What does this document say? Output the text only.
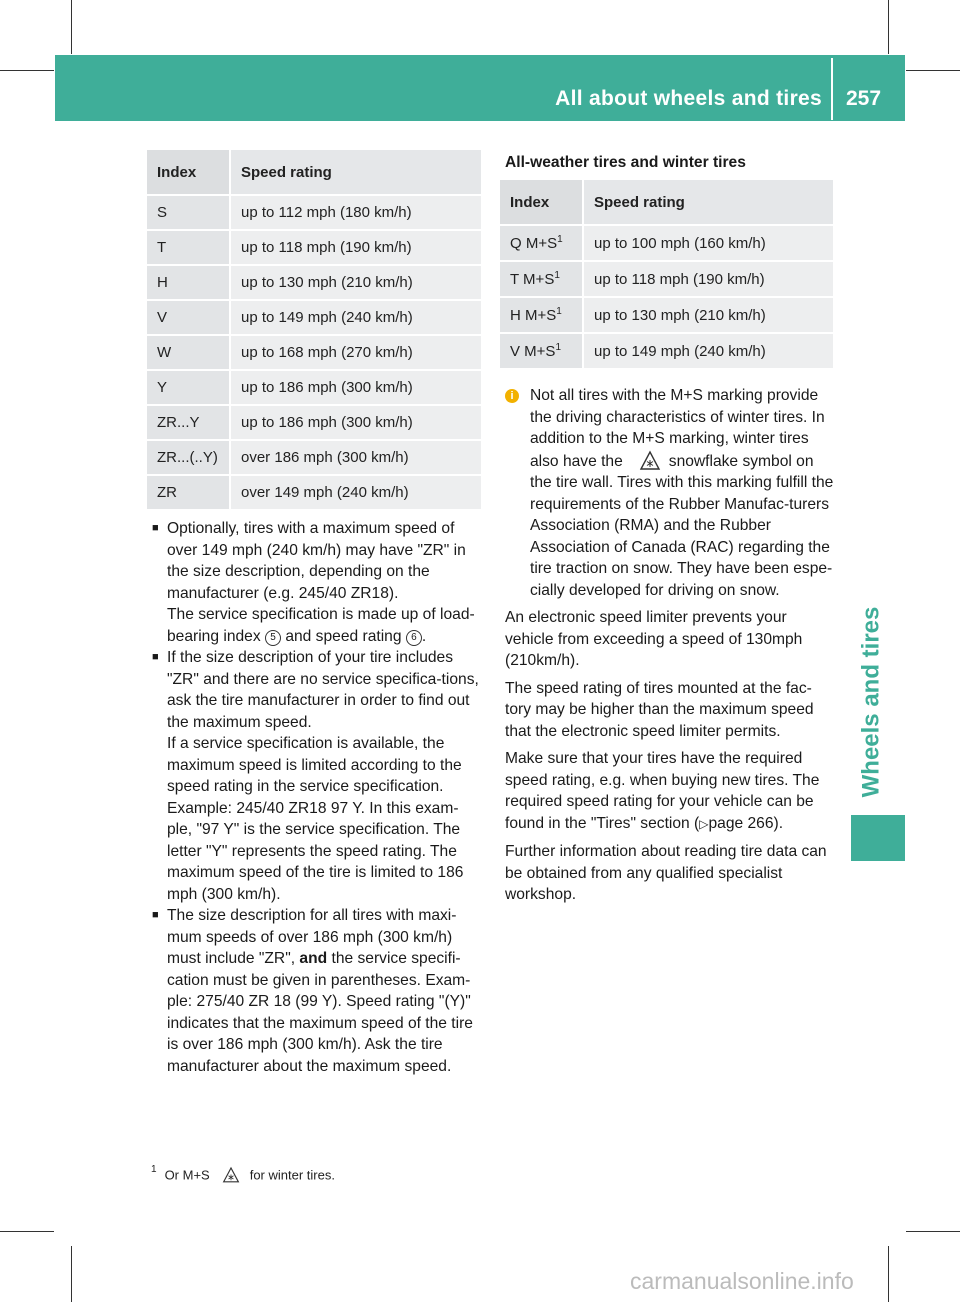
All about wheels and tires 257
Wheels and tires
Index	Speed rating
S	up to 112 mph (180 km/h)
T	up to 118 mph (190 km/h)
H	up to 130 mph (210 km/h)
V	up to 149 mph (240 km/h)
W	up to 168 mph (270 km/h)
Y	up to 186 mph (300 km/h)
ZR...Y	up to 186 mph (300 km/h)
ZR...(..Y)	over 186 mph (300 km/h)
ZR	over 149 mph (240 km/h)
■ Optionally, tires with a maximum speed of over 149 mph (240 km/h) may have "ZR" in the size description, depending on the manufacturer (e.g. 245/40 ZR18).

The service specification is made up of load-bearing index 5 and speed rating 6 .

■ If the size description of your tire includes "ZR" and there are no service specifica-tions, ask the tire manufacturer in order to find out the maximum speed.

If a service specification is available, the maximum speed is limited according to the speed rating in the service specification. Example: 245/40 ZR18 97 Y. In this exam-ple, "97 Y" is the service specification. The letter "Y" represents the speed rating. The maximum speed of the tire is limited to 186 mph (300 km/h).

■ The size description for all tires with maxi-mum speeds of over 186 mph (300 km/h) must include "ZR", and the service specifi-cation must be given in parentheses. Exam-ple: 275/40 ZR 18 (99 Y). Speed rating "(Y)" indicates that the maximum speed of the tire is over 186 mph (300 km/h). Ask the tire manufacturer about the maximum speed.

All-weather tires and winter tires
Index	Speed rating
Q $M+S^1$	up to 100 mph (160 km/h)
T $M+S^1$	up to 118 mph (190 km/h)
H $M+S^1$	up to 130 mph (210 km/h)
V $M+S^1$	up to 149 mph (240 km/h)
i	Not all tires with the M+S marking provide the driving characteristics of winter tires. In addition to the M+S marking, winter tires also have the	snowflake symbol on the tire wall. Tires with this marking fulfill the requirements of the Rubber Manufac-turers Association (RMA) and the Rubber Association of Canada (RAC) regarding the tire traction on snow. They have been espe-cially developed for driving on snow.

An electronic speed limiter prevents your vehicle from exceeding a speed of 130mph (210km/h).

The speed rating of tires mounted at the fac-tory may be higher than the maximum speed that the electronic speed limiter permits.

Make sure that your tires have the required speed rating, e.g. when buying new tires. The required speed rating for your vehicle can be found in the "Tires" section (▷page 266).

Further information about reading tire data can be obtained from any qualified specialist workshop.

$^1$ Or M+S	for winter tires.
carmanualsonline.info
